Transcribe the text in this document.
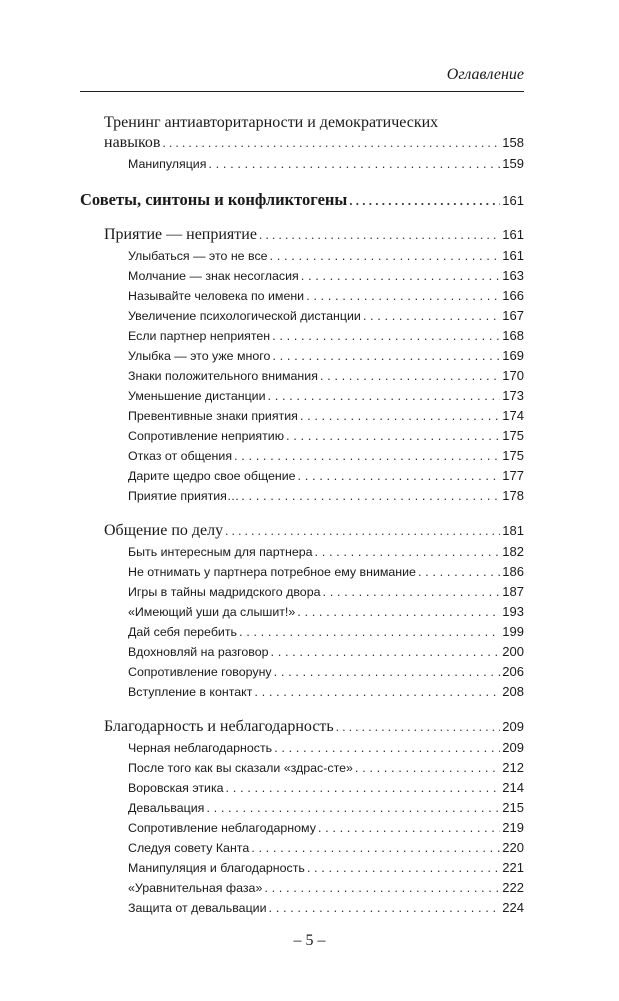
Оглавление
Тренинг антиавторитарности и демократических
навыков . . .	158
Манипуляция . . .	159
Советы, синтоны и конфликтогены . . .	161
Приятие — неприятие . . .	161
Улыбаться — это не все . . .	161
Молчание — знак несогласия . . .	163
Называйте человека по имени . . .	166
Увеличение психологической дистанции . . .	167
Если партнер неприятен . . .	168
Улыбка — это уже много . . .	169
Знаки положительного внимания . . .	170
Уменьшение дистанции . . .	173
Превентивные знаки приятия . . .	174
Сопротивление неприятию . . .	175
Отказ от общения . . .	175
Дарите щедро свое общение . . .	177
Приятие приятия… . . .	178
Общение по делу . . .	181
Быть интересным для партнера . . .	182
Не отнимать у партнера потребное ему внимание . . .	186
Игры в тайны мадридского двора . . .	187
«Имеющий уши да слышит!» . . .	193
Дай себя перебить . . .	199
Вдохновляй на разговор . . .	200
Сопротивление говоруну . . .	206
Вступление в контакт . . .	208
Благодарность и неблагодарность . . .	209
Черная неблагодарность . . .	209
После того как вы сказали «здрас-сте» . . .	212
Воровская этика . . .	214
Девальвация . . .	215
Сопротивление неблагодарному . . .	219
Следуя совету Канта . . .	220
Манипуляция и благодарность . . .	221
«Уравнительная фаза» . . .	222
Защита от девальвации . . .	224
– 5 –
